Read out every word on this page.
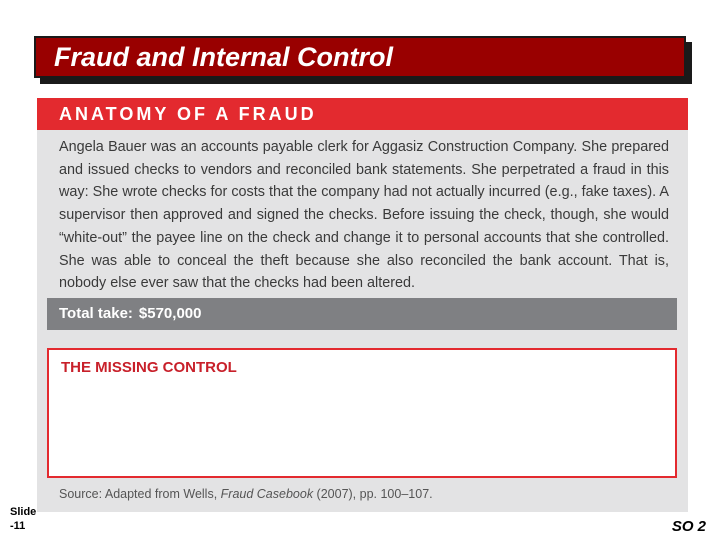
Fraud and Internal Control
ANATOMY OF A FRAUD
Angela Bauer was an accounts payable clerk for Aggasiz Construction Company. She prepared and issued checks to vendors and reconciled bank statements. She perpetrated a fraud in this way: She wrote checks for costs that the company had not actually incurred (e.g., fake taxes). A supervisor then approved and signed the checks. Before issuing the check, though, she would “white-out” the payee line on the check and change it to personal accounts that she controlled. She was able to conceal the theft because she also reconciled the bank account. That is, nobody else ever saw that the checks had been altered.
Total take: $570,000
THE MISSING CONTROL
Source: Adapted from Wells, Fraud Casebook (2007), pp. 100–107.
Slide
-11	SO 2
